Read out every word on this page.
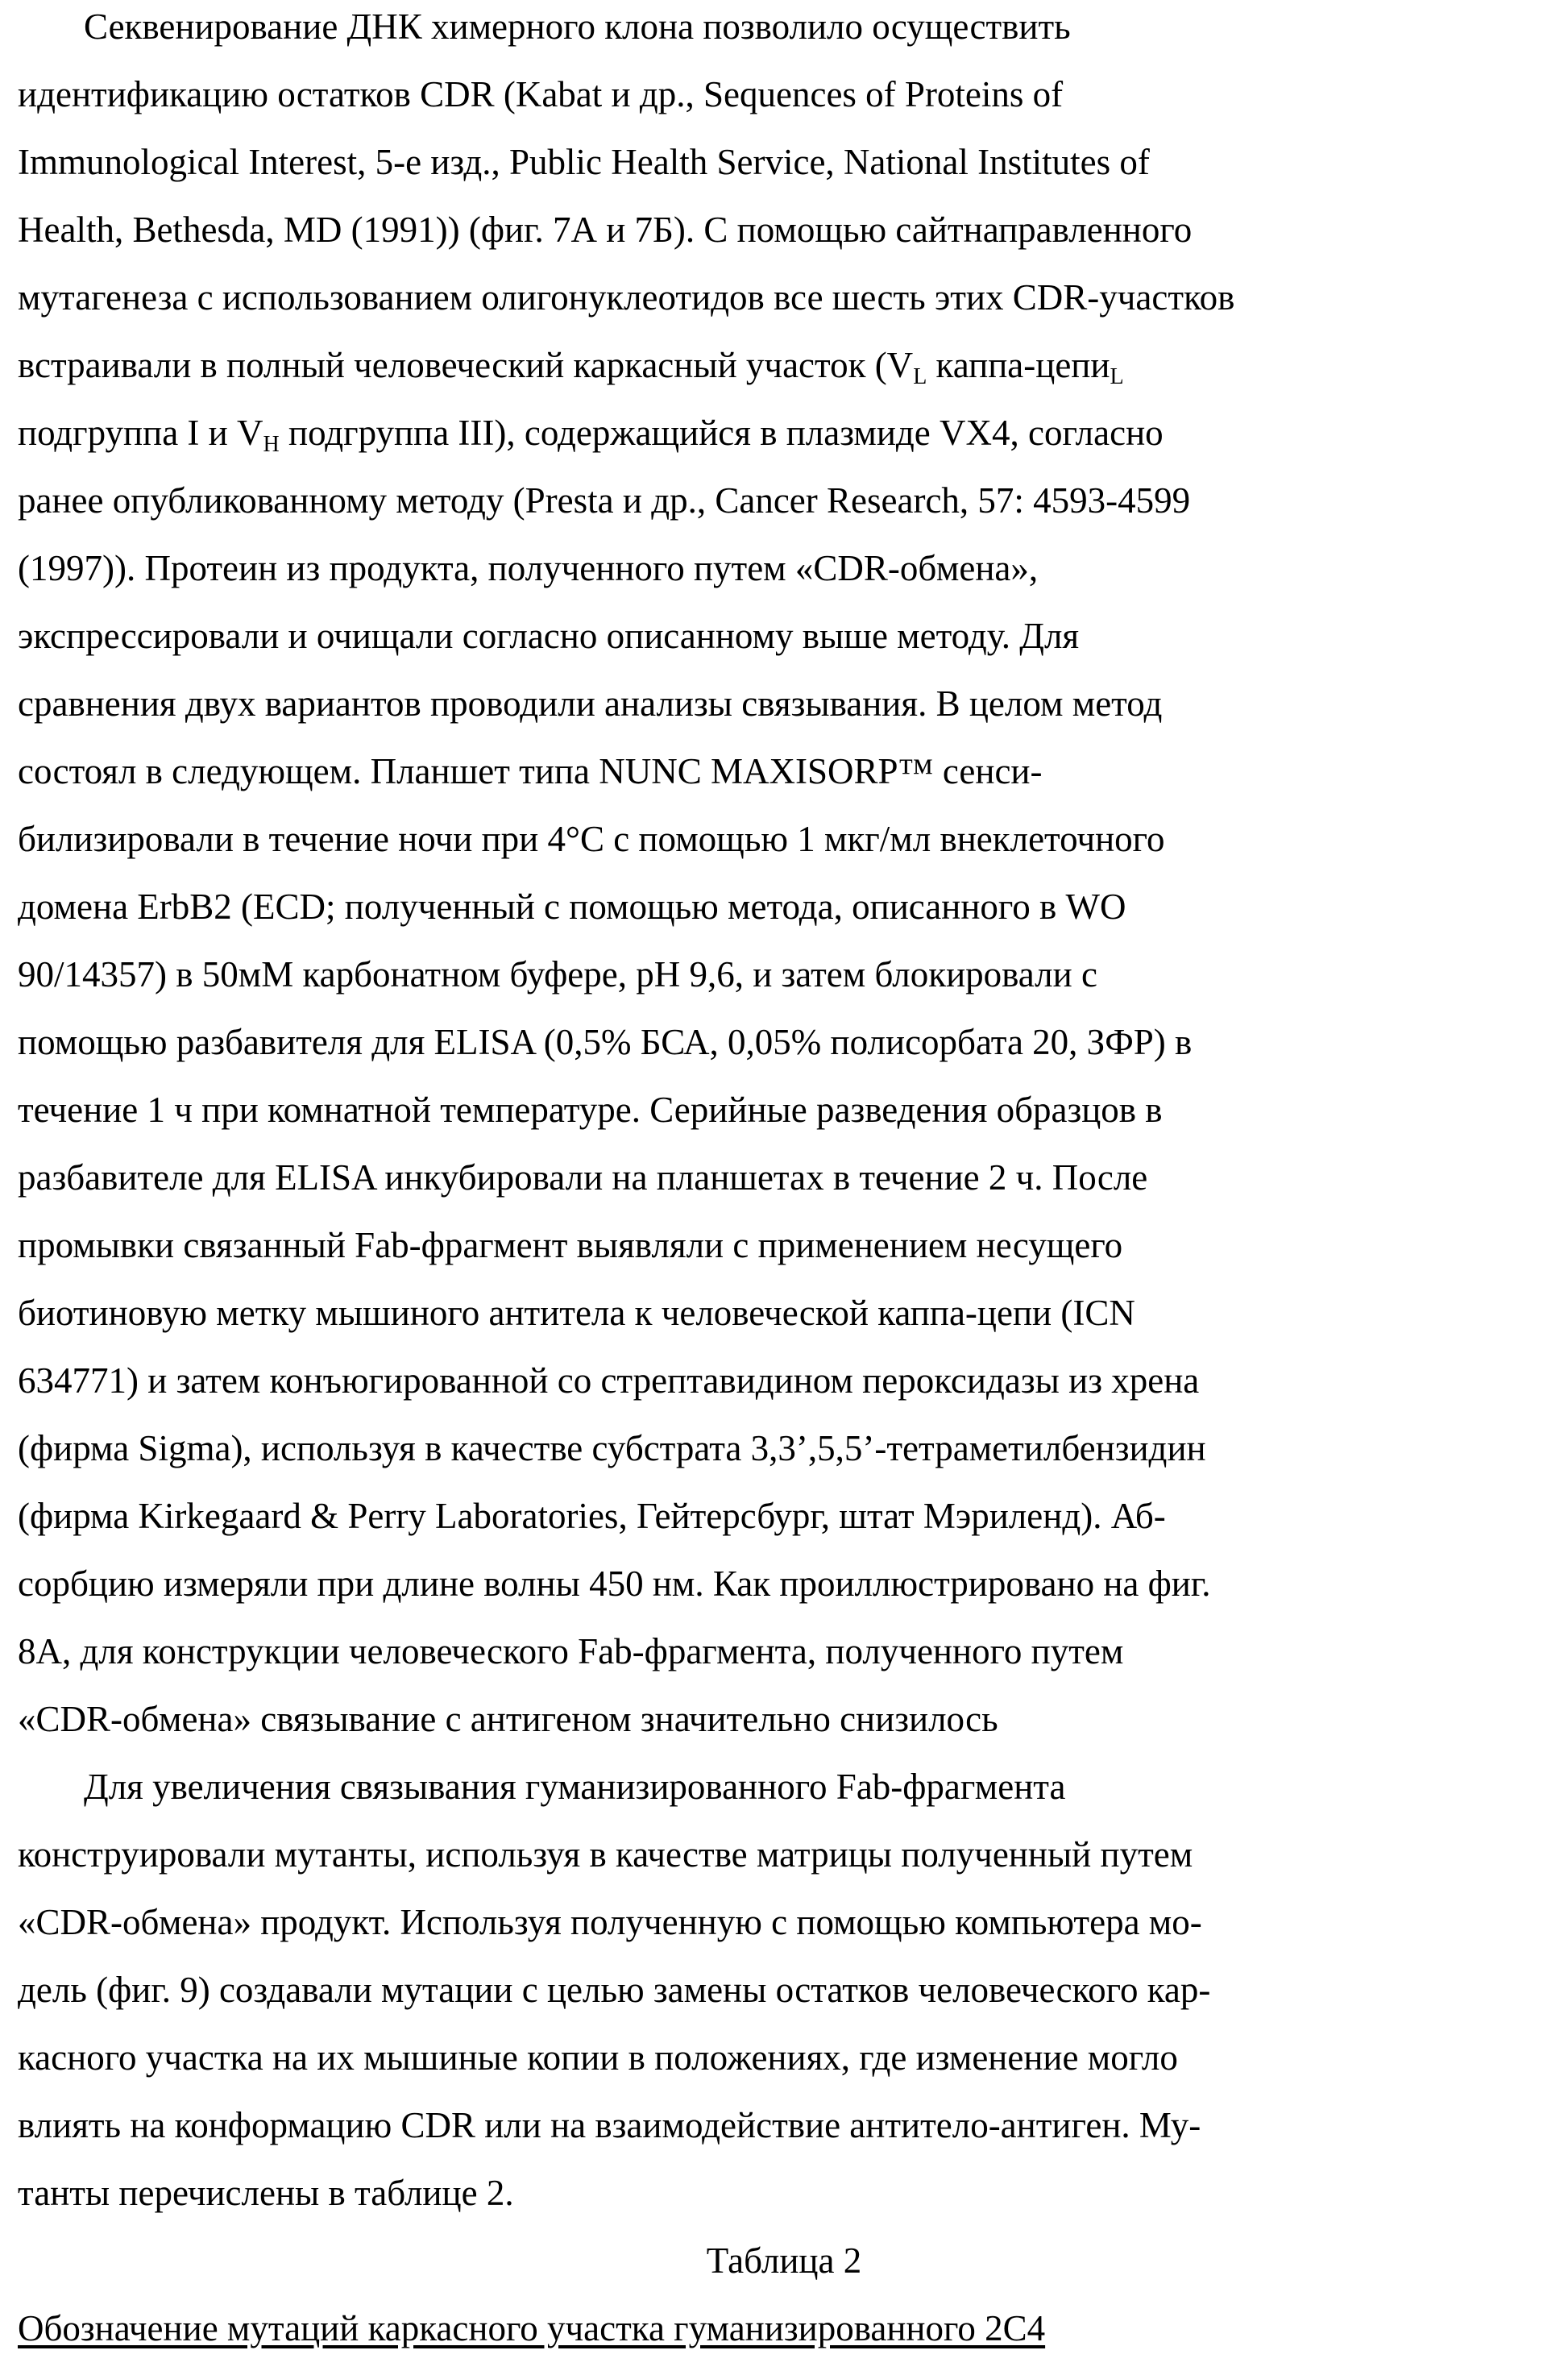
Секвенирование ДНК химерного клона позволило осуществить
идентификацию остатков CDR (Kabat и др., Sequences of Proteins of
Immunological Interest, 5-е изд., Public Health Service, National Institutes of
Health, Bethesda, MD (1991)) (фиг. 7А и 7Б). С помощью сайтнаправленного
мутагенеза с использованием олигонуклеотидов все шесть этих CDR-участков
встраивали в полный человеческий каркасный участок (VL каппа-цепиL
подгруппа I и VH подгруппа III), содержащийся в плазмиде VX4, согласно
ранее опубликованному методу (Presta и др., Cancer Research, 57: 4593-4599
(1997)). Протеин из продукта, полученного путем «CDR-обмена»,
экспрессировали и очищали согласно описанному выше методу. Для
сравнения двух вариантов проводили анализы связывания. В целом метод
состоял в следующем. Планшет типа NUNC MAXISORP™ сенси-
билизировали в течение ночи при 4°С с помощью 1 мкг/мл внеклеточного
домена ErbB2 (ECD; полученный с помощью метода, описанного в WO
90/14357) в 50мМ карбонатном буфере, рН 9,6, и затем блокировали с
помощью разбавителя для ELISA (0,5% БСА, 0,05% полисорбата 20, ЗФР) в
течение 1 ч при комнатной температуре. Серийные разведения образцов в
разбавителе для ELISA инкубировали на планшетах в течение 2 ч. После
промывки связанный Fab-фрагмент выявляли с применением несущего
биотиновую метку мышиного антитела к человеческой каппа-цепи (ICN
634771) и затем конъюгированной со стрептавидином пероксидазы из хрена
(фирма Sigma), используя в качестве субстрата 3,3’,5,5’-тетраметилбензидин
(фирма Kirkegaard & Perry Laboratories, Гейтерсбург, штат Мэриленд). Аб-
сорбцию измеряли при длине волны 450 нм. Как проиллюстрировано на фиг.
8А, для конструкции человеческого Fab-фрагмента, полученного путем
«CDR-обмена» связывание с антигеном значительно снизилось
Для увеличения связывания гуманизированного Fab-фрагмента
конструировали мутанты, используя в качестве матрицы полученный путем
«CDR-обмена» продукт. Используя полученную с помощью компьютера мо-
дель (фиг. 9) создавали мутации с целью замены остатков человеческого кар-
касного участка на их мышиные копии в положениях, где изменение могло
влиять на конформацию CDR или на взаимодействие антитело-антиген. Му-
танты перечислены в таблице 2.
Таблица 2
Обозначение мутаций каркасного участка гуманизированного 2С4
